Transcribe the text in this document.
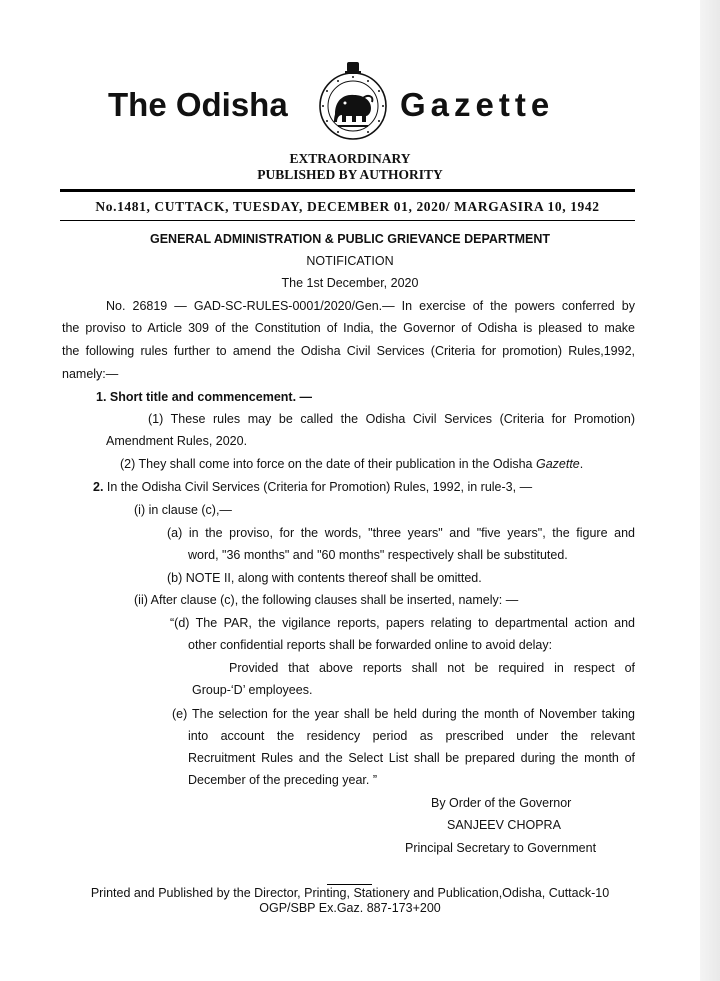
The Odisha	Gazette
EXTRAORDINARY
PUBLISHED BY AUTHORITY
No.1481, CUTTACK, TUESDAY, DECEMBER 01, 2020/ MARGASIRA 10, 1942
GENERAL ADMINISTRATION & PUBLIC GRIEVANCE DEPARTMENT
NOTIFICATION
The 1st December, 2020
No. 26819 — GAD-SC-RULES-0001/2020/Gen.— In exercise of the powers conferred by
the proviso to Article 309 of the Constitution of India, the Governor of Odisha is pleased to make
the following rules further to amend the Odisha Civil Services (Criteria for promotion) Rules,1992,
namely:—
1. Short title and commencement. —
(1) These rules may be called the Odisha Civil Services (Criteria for Promotion)
Amendment Rules, 2020.
(2) They shall come into force on the date of their publication in the Odisha Gazette.
2. In the Odisha Civil Services (Criteria for Promotion) Rules, 1992, in rule-3, —
(i) in clause (c),—
(a) in the proviso, for the words, "three years" and "five years", the figure and
word, "36 months" and "60 months" respectively shall be substituted.
(b) NOTE II, along with contents thereof shall be omitted.
(ii) After clause (c), the following clauses shall be inserted, namely: —
“(d) The PAR, the vigilance reports, papers relating to departmental action and
other confidential reports shall be forwarded online to avoid delay:
Provided that above reports shall not be required in respect of
Group-‘D’ employees.
(e) The selection for the year shall be held during the month of November taking
into account the residency period as prescribed under the relevant
Recruitment Rules and the Select List shall be prepared during the month of
December of the preceding year. ”
By Order of the Governor
SANJEEV CHOPRA
Principal Secretary to Government
Printed and Published by the Director, Printing, Stationery and Publication,Odisha, Cuttack-10
OGP/SBP Ex.Gaz. 887-173+200
